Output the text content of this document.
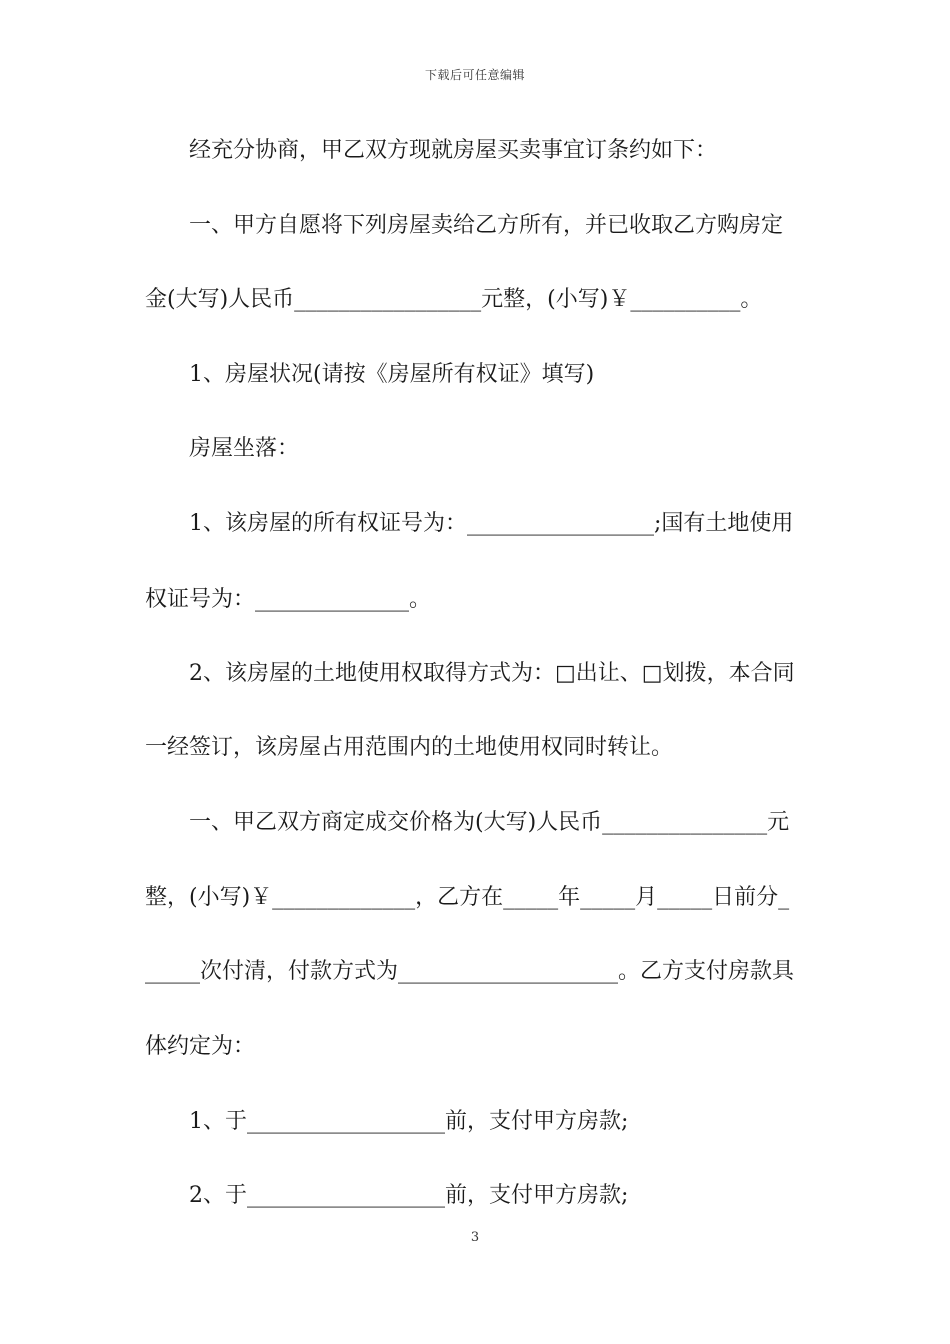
下载后可任意编辑
　　经充分协商，甲乙双方现就房屋买卖事宜订条约如下：
　　一、甲方自愿将下列房屋卖给乙方所有，并已收取乙方购房定
金(大写)人民币_________________元整，(小写)￥__________。
　　1、房屋状况(请按《房屋所有权证》填写)
　　房屋坐落：
　　1、该房屋的所有权证号为：_________________;国有土地使用
权证号为：______________。
　　2、该房屋的土地使用权取得方式为：□出让、□划拨，本合同
一经签订，该房屋占用范围内的土地使用权同时转让。
　　一、甲乙双方商定成交价格为(大写)人民币_______________元
整，(小写)￥_____________，乙方在_____年_____月_____日前分_
_____次付清，付款方式为____________________。乙方支付房款具
体约定为：
　　1、于__________________前，支付甲方房款;
　　2、于__________________前，支付甲方房款;
3
